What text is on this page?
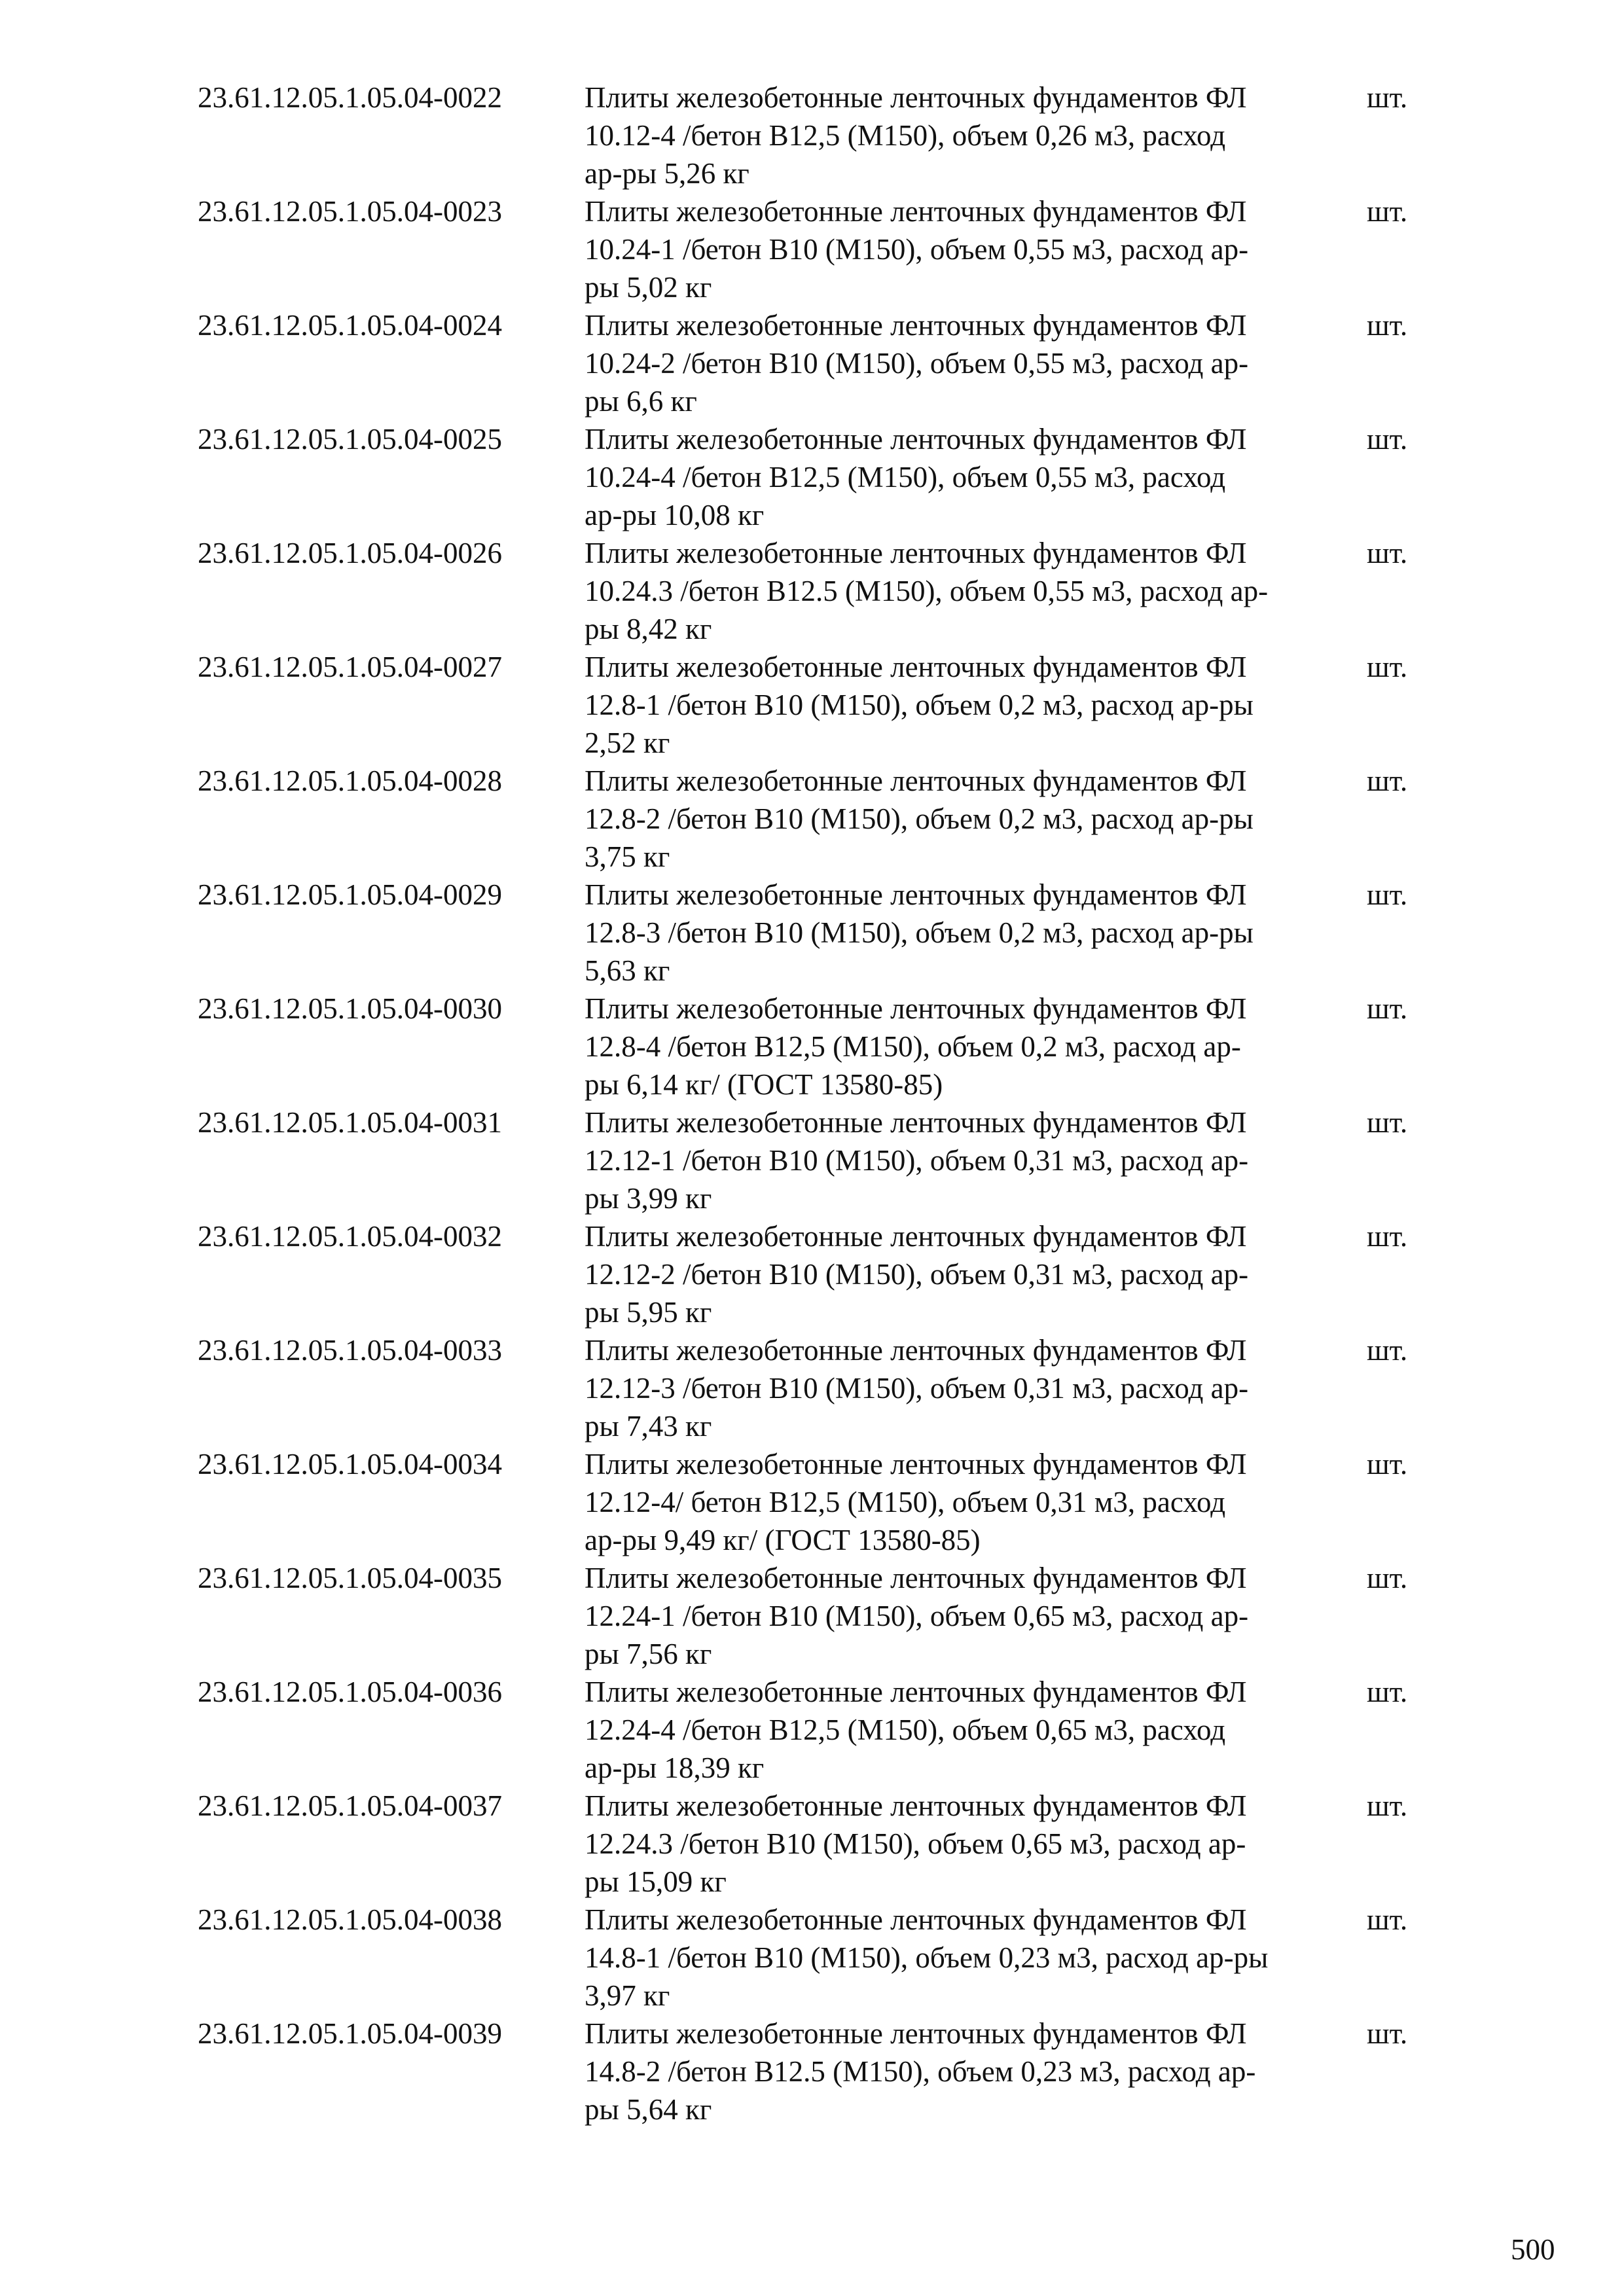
23.61.12.05.1.05.04-0022	Плиты железобетонные ленточных фундаментов ФЛ
10.12-4 /бетон В12,5 (М150), объем 0,26 м3, расход
ар-ры 5,26 кг
шт.
23.61.12.05.1.05.04-0023	Плиты железобетонные ленточных фундаментов ФЛ
10.24-1 /бетон В10 (М150), объем 0,55 м3, расход ар-
ры 5,02 кг
шт.
23.61.12.05.1.05.04-0024	Плиты железобетонные ленточных фундаментов ФЛ
10.24-2 /бетон В10 (М150), объем 0,55 м3, расход ар-
ры 6,6 кг
шт.
23.61.12.05.1.05.04-0025	Плиты железобетонные ленточных фундаментов ФЛ
10.24-4 /бетон В12,5 (М150), объем 0,55 м3, расход
ар-ры 10,08 кг
шт.
23.61.12.05.1.05.04-0026	Плиты железобетонные ленточных фундаментов ФЛ
10.24.3 /бетон В12.5 (М150), объем 0,55 м3, расход ар-
ры 8,42 кг
шт.
23.61.12.05.1.05.04-0027	Плиты железобетонные ленточных фундаментов ФЛ
12.8-1 /бетон В10 (М150), объем 0,2 м3, расход ар-ры
2,52 кг
шт.
23.61.12.05.1.05.04-0028	Плиты железобетонные ленточных фундаментов ФЛ
12.8-2 /бетон В10 (М150), объем 0,2 м3, расход ар-ры
3,75 кг
шт.
23.61.12.05.1.05.04-0029	Плиты железобетонные ленточных фундаментов ФЛ
12.8-3 /бетон В10 (М150), объем 0,2 м3, расход ар-ры
5,63 кг
шт.
23.61.12.05.1.05.04-0030	Плиты железобетонные ленточных фундаментов ФЛ
12.8-4 /бетон В12,5 (М150), объем 0,2 м3, расход ар-
ры 6,14 кг/ (ГОСТ 13580-85)
шт.
23.61.12.05.1.05.04-0031	Плиты железобетонные ленточных фундаментов ФЛ
12.12-1 /бетон В10 (М150), объем 0,31 м3, расход ар-
ры 3,99 кг
шт.
23.61.12.05.1.05.04-0032	Плиты железобетонные ленточных фундаментов ФЛ
12.12-2 /бетон В10 (М150), объем 0,31 м3, расход ар-
ры 5,95 кг
шт.
23.61.12.05.1.05.04-0033	Плиты железобетонные ленточных фундаментов ФЛ
12.12-3 /бетон В10 (М150), объем 0,31 м3, расход ар-
ры 7,43 кг
шт.
23.61.12.05.1.05.04-0034	Плиты железобетонные ленточных фундаментов ФЛ
12.12-4/ бетон В12,5 (М150), объем 0,31 м3, расход
ар-ры 9,49 кг/ (ГОСТ 13580-85)
шт.
23.61.12.05.1.05.04-0035	Плиты железобетонные ленточных фундаментов ФЛ
12.24-1 /бетон В10 (М150), объем 0,65 м3, расход ар-
ры 7,56 кг
шт.
23.61.12.05.1.05.04-0036	Плиты железобетонные ленточных фундаментов ФЛ
12.24-4 /бетон В12,5 (М150), объем 0,65 м3, расход
ар-ры 18,39 кг
шт.
23.61.12.05.1.05.04-0037	Плиты железобетонные ленточных фундаментов ФЛ
12.24.3 /бетон В10 (М150), объем 0,65 м3, расход ар-
ры 15,09 кг
шт.
23.61.12.05.1.05.04-0038	Плиты железобетонные ленточных фундаментов ФЛ
14.8-1 /бетон В10 (М150), объем 0,23 м3, расход ар-ры
3,97 кг
шт.
23.61.12.05.1.05.04-0039	Плиты железобетонные ленточных фундаментов ФЛ
14.8-2 /бетон В12.5 (М150), объем 0,23 м3, расход ар-
ры 5,64 кг
шт.
500
